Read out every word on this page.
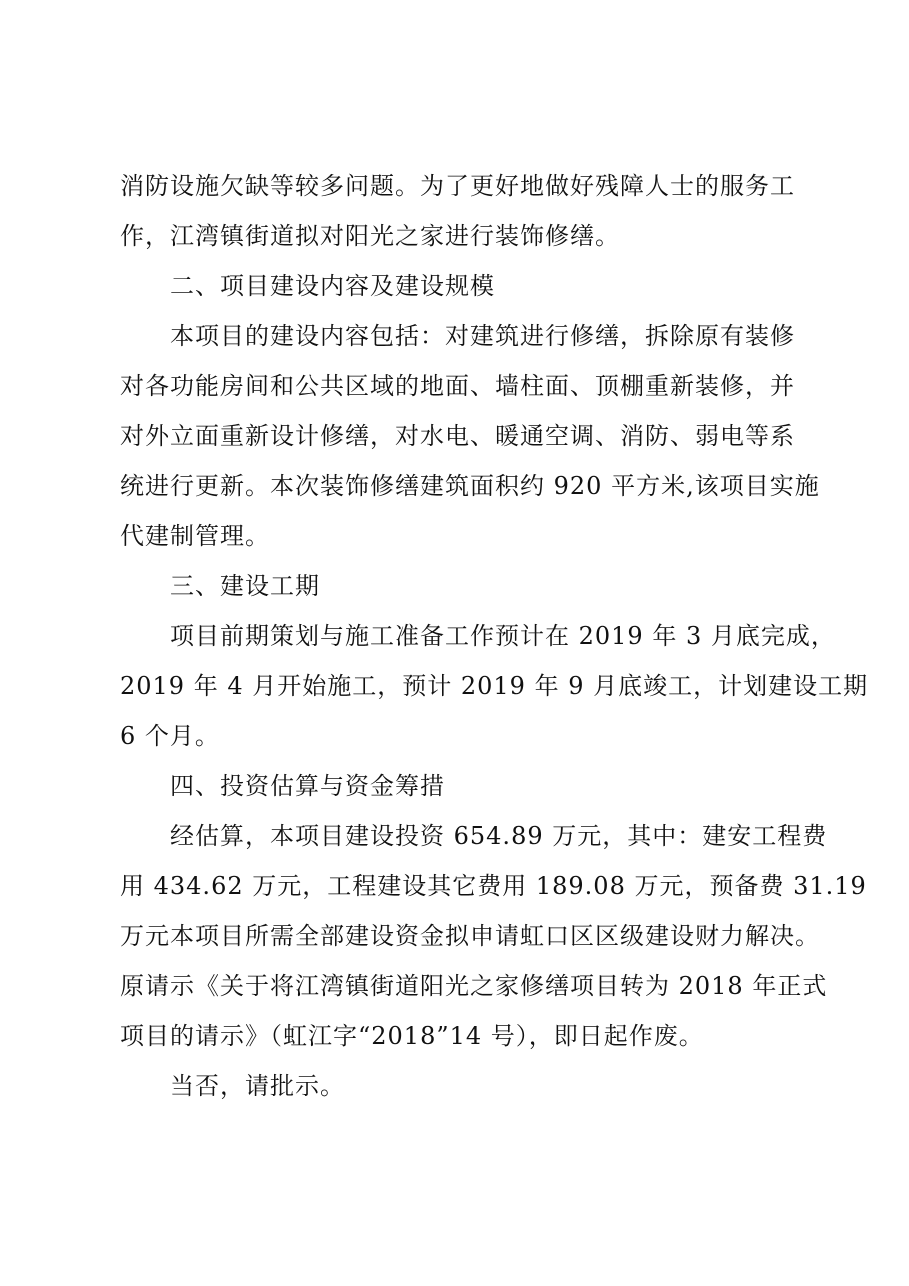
消防设施欠缺等较多问题。为了更好地做好残障人士的服务工
作，江湾镇街道拟对阳光之家进行装饰修缮。
二、项目建设内容及建设规模
本项目的建设内容包括：对建筑进行修缮，拆除原有装修
对各功能房间和公共区域的地面、墙柱面、顶棚重新装修，并
对外立面重新设计修缮，对水电、暖通空调、消防、弱电等系
统进行更新。本次装饰修缮建筑面积约 920 平方米,该项目实施
代建制管理。
三、建设工期
项目前期策划与施工准备工作预计在 2019 年 3 月底完成，
2019 年 4 月开始施工，预计 2019 年 9 月底竣工，计划建设工期
6 个月。
四、投资估算与资金筹措
经估算，本项目建设投资 654.89 万元，其中：建安工程费
用 434.62 万元，工程建设其它费用 189.08 万元，预备费 31.19
万元本项目所需全部建设资金拟申请虹口区区级建设财力解决。
原请示《关于将江湾镇街道阳光之家修缮项目转为 2018 年正式
项目的请示》（虹江字“2018”14 号），即日起作废。
当否，请批示。
